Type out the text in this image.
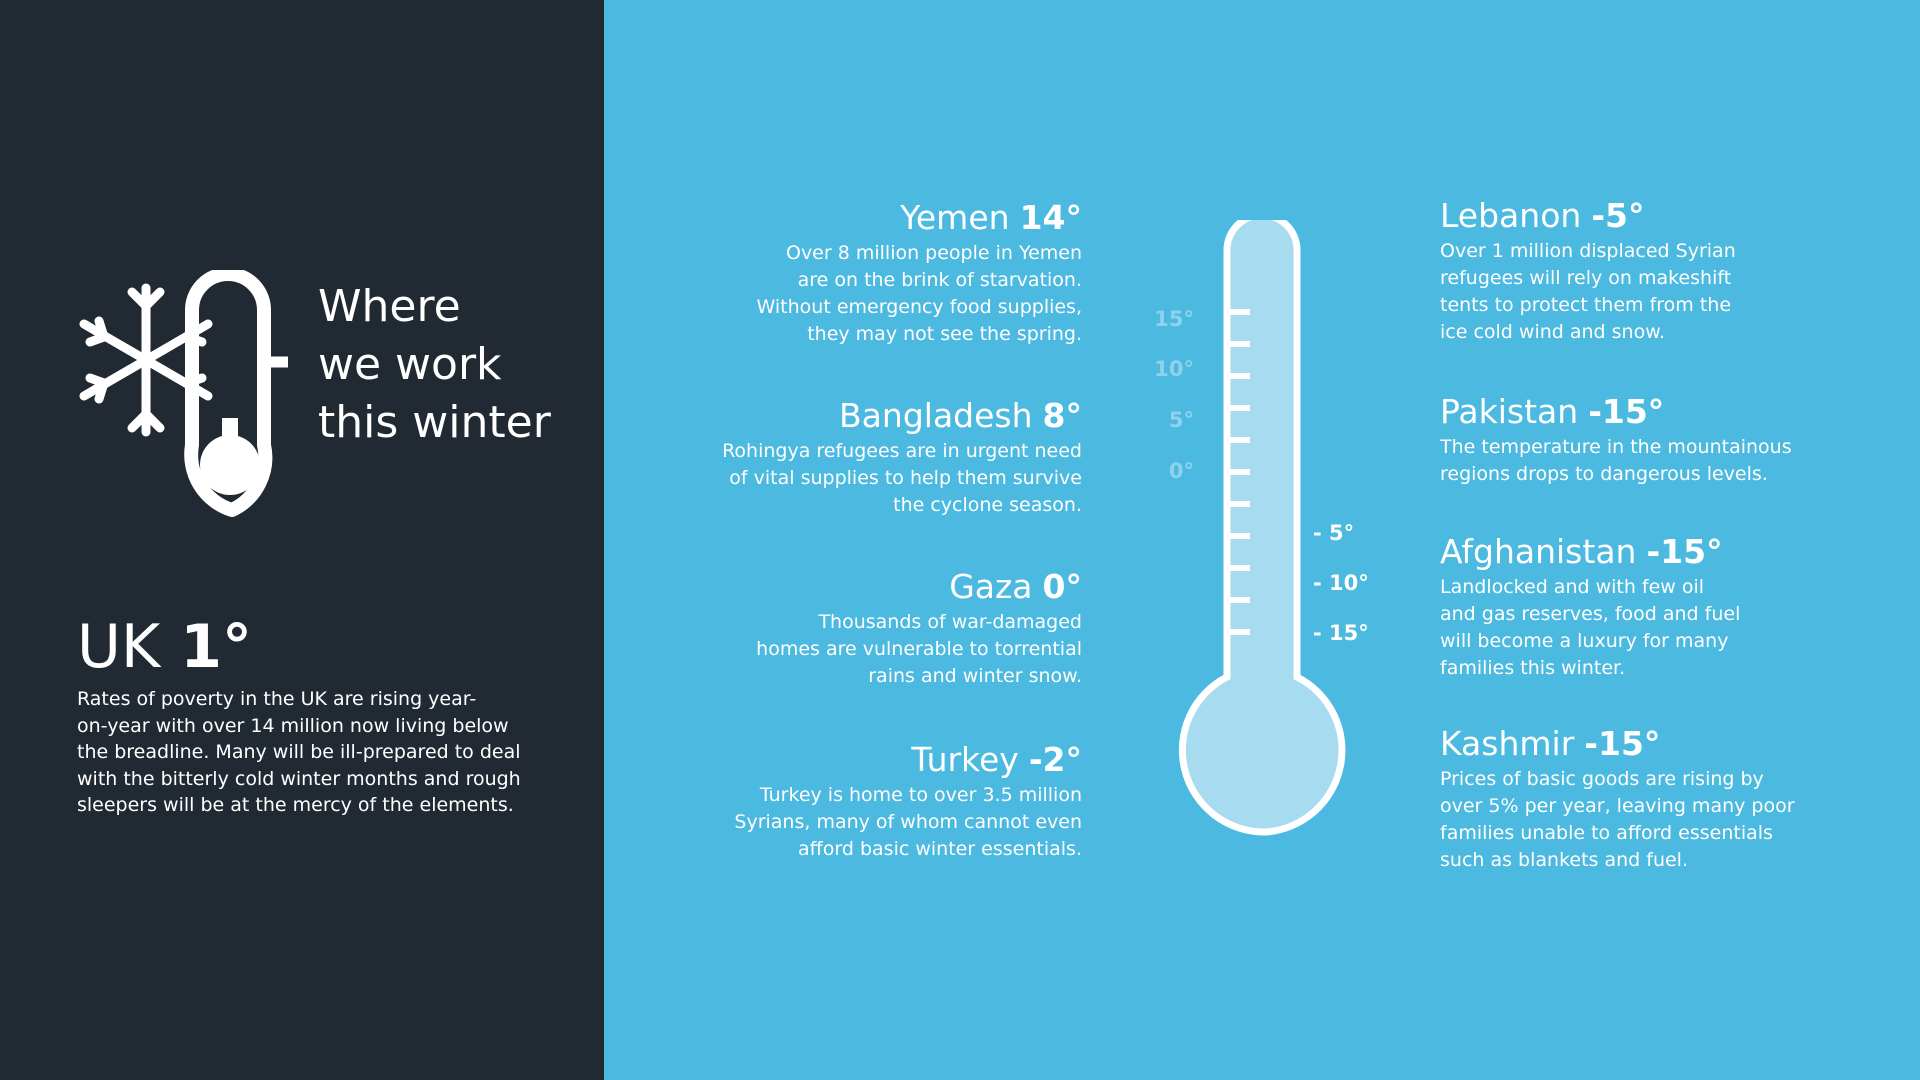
Where
we work
this winter
UK 1°
Rates of poverty in the UK are rising year-
on-year with over 14 million now living below
the breadline. Many will be ill-prepared to deal
with the bitterly cold winter months and rough
sleepers will be at the mercy of the elements.
Yemen 14°
Over 8 million people in Yemen
are on the brink of starvation.
Without emergency food supplies,
they may not see the spring.
Bangladesh 8°
Rohingya refugees are in urgent need
of vital supplies to help them survive
the cyclone season.
Gaza 0°
Thousands of war-damaged
homes are vulnerable to torrential
rains and winter snow.
Turkey -2°
Turkey is home to over 3.5 million
Syrians, many of whom cannot even
afford basic winter essentials.
15°
10°
5°
0°
- 5°
- 10°
- 15°
Lebanon -5°
Over 1 million displaced Syrian
refugees will rely on makeshift
tents to protect them from the
ice cold wind and snow.
Pakistan -15°
The temperature in the mountainous
regions drops to dangerous levels.
Afghanistan -15°
Landlocked and with few oil
and gas reserves, food and fuel
will become a luxury for many
families this winter.
Kashmir -15°
Prices of basic goods are rising by
over 5% per year, leaving many poor
families unable to afford essentials
such as blankets and fuel.
